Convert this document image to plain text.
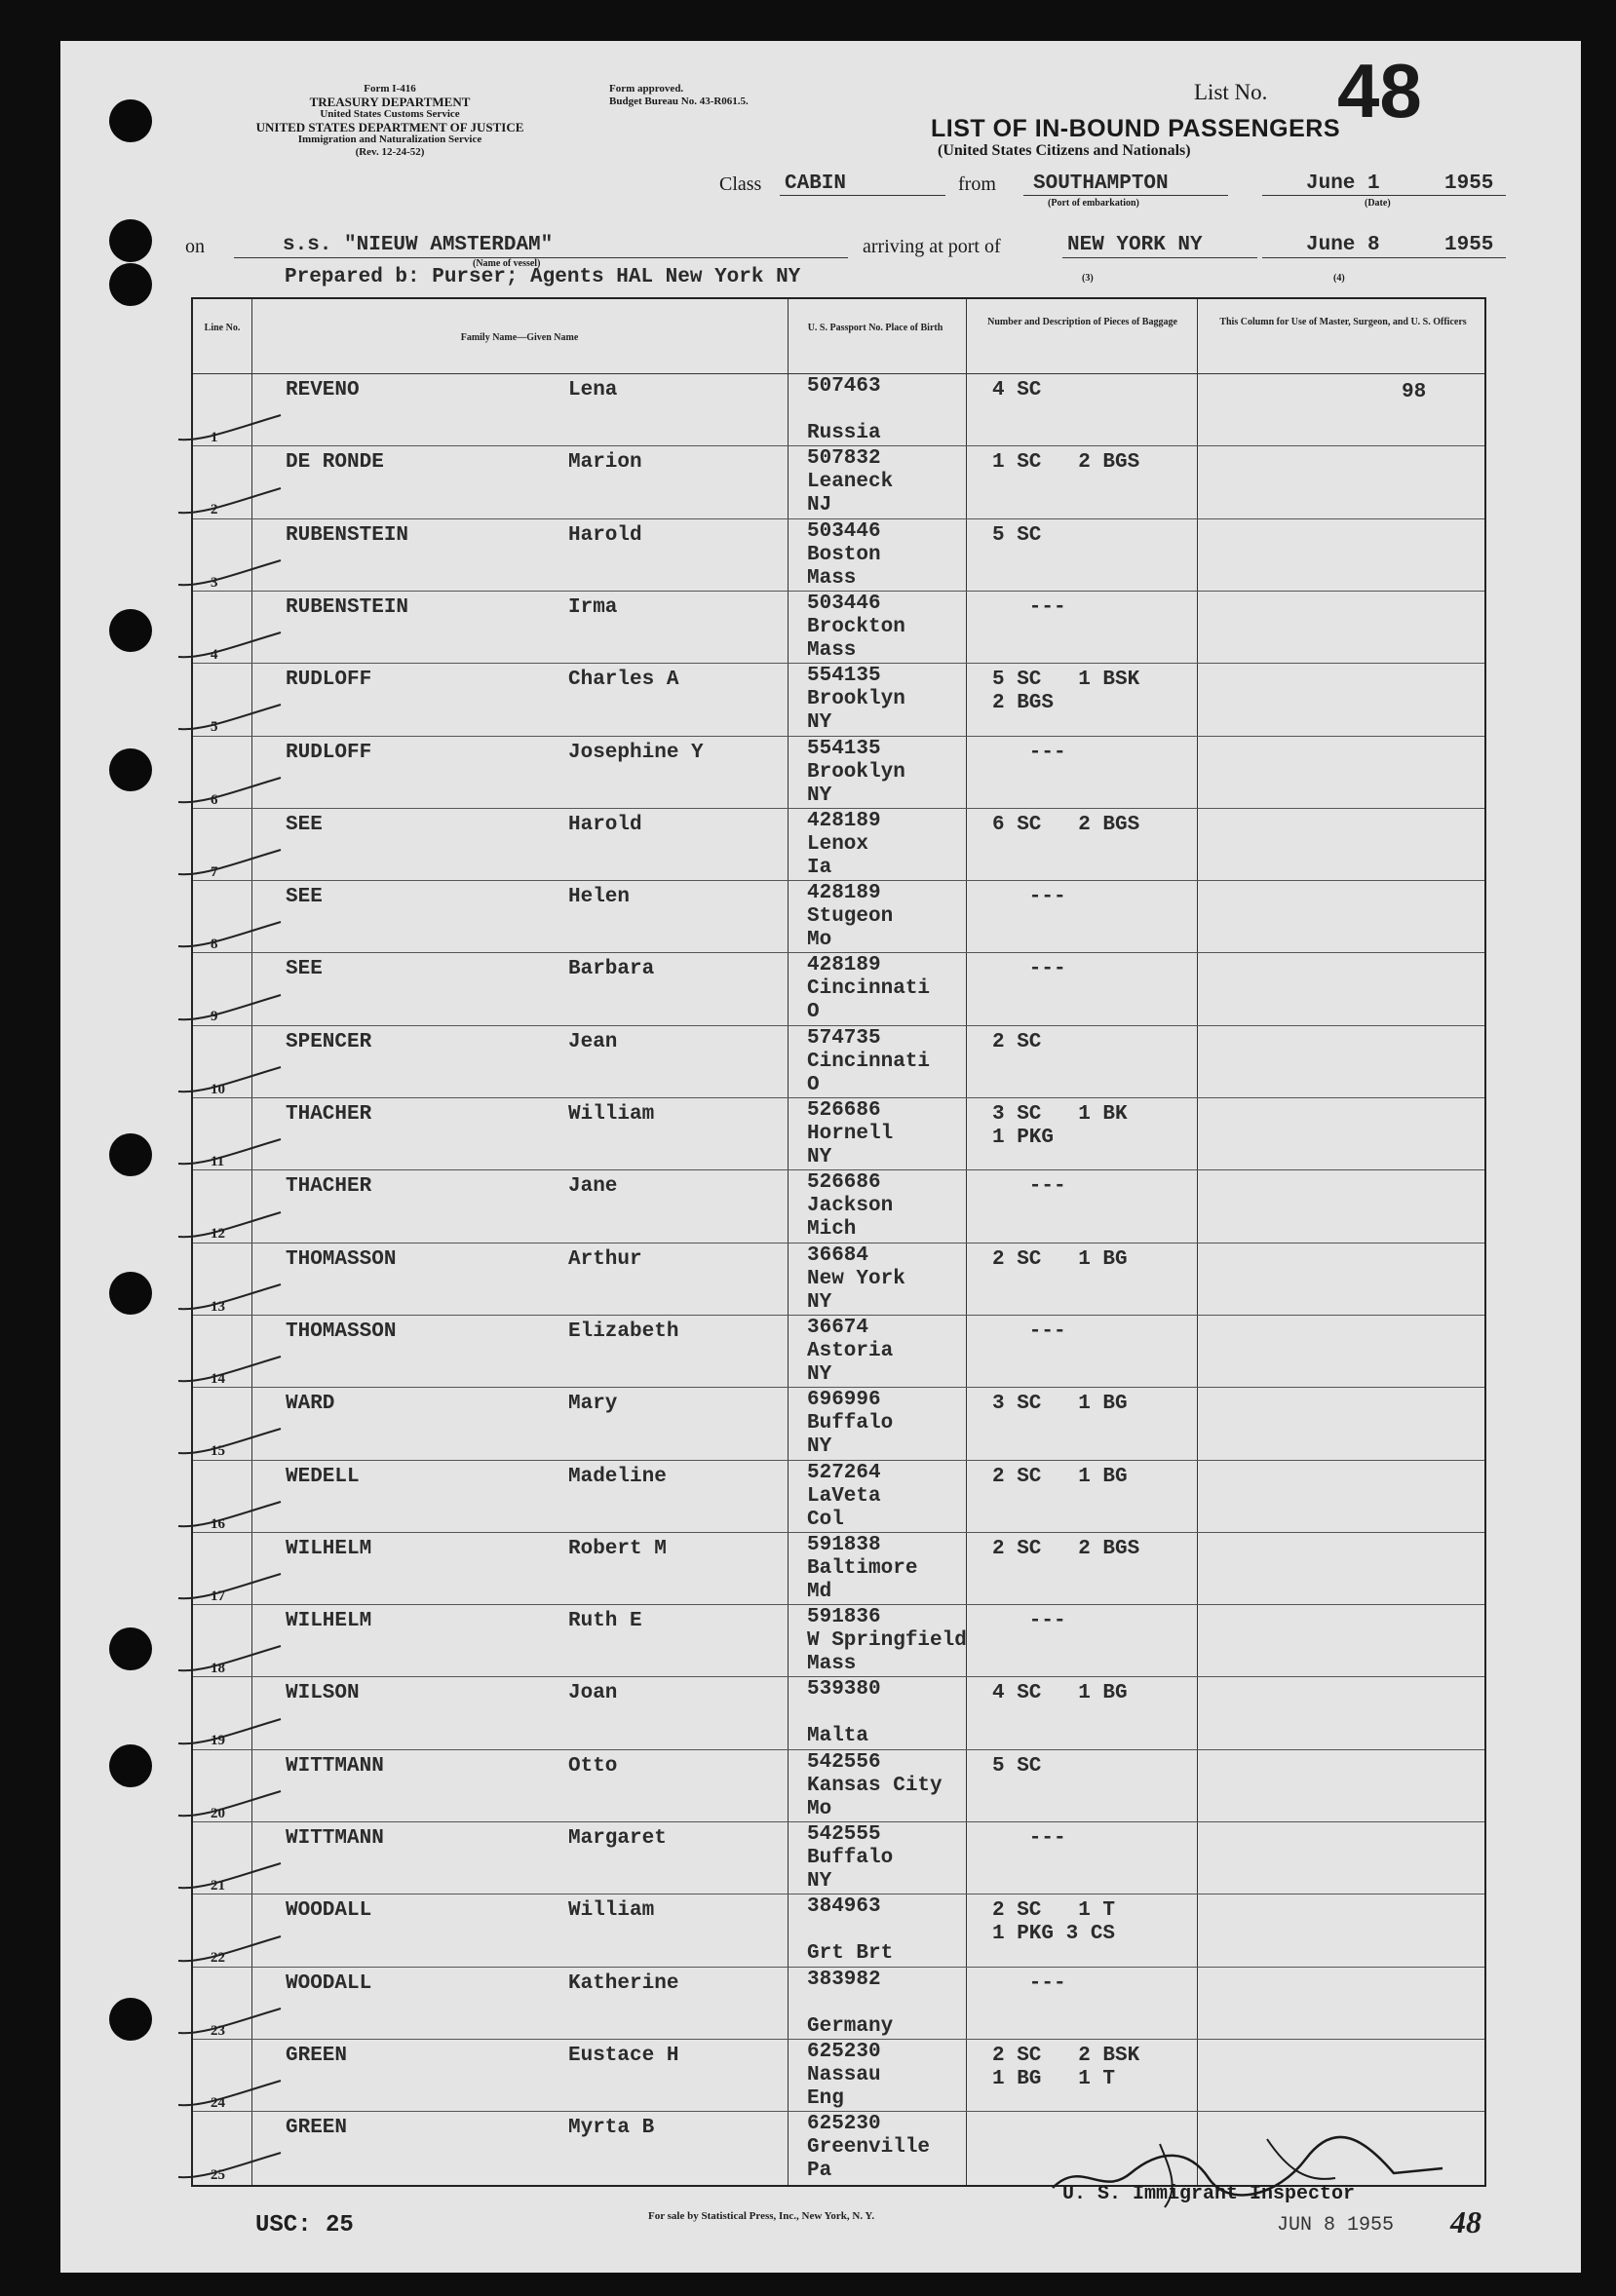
Form I-416
TREASURY DEPARTMENT
United States Customs Service
UNITED STATES DEPARTMENT OF JUSTICE
Immigration and Naturalization Service
(Rev. 12-24-52)
Form approved.
Budget Bureau No. 43-R061.5.	List No. 48
LIST OF IN-BOUND PASSENGERS
(United States Citizens and Nationals)
Class CABIN	from SOUTHAMPTON
(Port of embarkation)
June 1	1955
(Date)
on	s.s. "NIEUW AMSTERDAM"
(Name of vessel)
arriving at port of	NEW YORK NY	June 8	1955
Prepared b: Purser; Agents HAL New York NY	(3)	(4)
Line No.
Family Name—Given Name
U. S. Passport No. Place of Birth
Number and Description of Pieces of Baggage	This Column for Use of Master, Surgeon, and U. S. Officers
1
REVENO	Lena	507463
Russia
4 SC	98
2
DE RONDE	Marion	507832
Leaneck
NJ
1 SC   2 BGS
3
RUBENSTEIN	Harold	503446
Boston
Mass
5 SC
4
RUBENSTEIN	Irma	503446
Brockton
Mass
---
5
RUDLOFF	Charles A	554135
Brooklyn
NY
5 SC   1 BSK
2 BGS
6
RUDLOFF	Josephine Y	554135
Brooklyn
NY
---
7
SEE	Harold	428189
Lenox
Ia
6 SC   2 BGS
8
SEE	Helen	428189
Stugeon
Mo
---
9
SEE	Barbara	428189
Cincinnati
O
---
10
SPENCER	Jean	574735
Cincinnati
O
2 SC
11
THACHER	William	526686
Hornell
NY
3 SC   1 BK
1 PKG
12
THACHER	Jane	526686
Jackson
Mich
---
13
THOMASSON	Arthur	36684
New York
NY
2 SC   1 BG
14
THOMASSON	Elizabeth	36674
Astoria
NY
---
15
WARD	Mary	696996
Buffalo
NY
3 SC   1 BG
16
WEDELL	Madeline	527264
LaVeta
Col
2 SC   1 BG
17
WILHELM	Robert M	591838
Baltimore
Md
2 SC   2 BGS
18
WILHELM	Ruth E	591836
W Springfield
Mass
---
19
WILSON	Joan	539380
Malta
4 SC   1 BG
20
WITTMANN	Otto	542556
Kansas City
Mo
5 SC
21
WITTMANN	Margaret	542555
Buffalo
NY
---
22
WOODALL	William	384963
Grt Brt
2 SC   1 T
1 PKG 3 CS
23
WOODALL	Katherine	383982
Germany
---
24
GREEN	Eustace H	625230
Nassau
Eng
2 SC   2 BSK
1 BG   1 T
25
GREEN	Myrta B	625230
Greenville
Pa
USC: 25	For sale by Statistical Press, Inc., New York, N. Y.
U. S. Immigrant Inspector
JUN 8 1955 48
